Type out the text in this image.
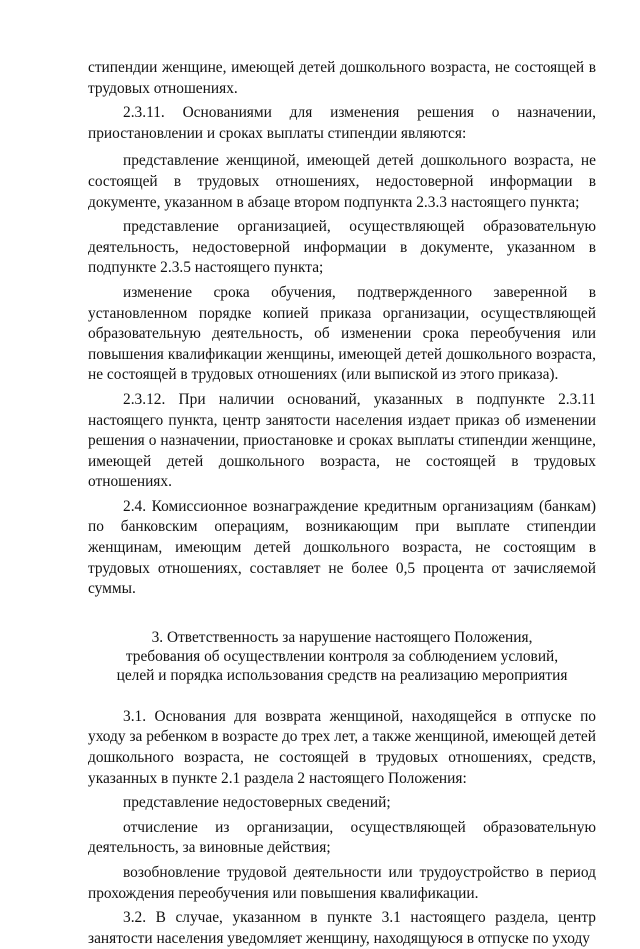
стипендии женщине, имеющей детей дошкольного возраста, не состоящей в трудовых отношениях.

2.3.11. Основаниями для изменения решения о назначении, приостановлении и сроках выплаты стипендии являются:

представление женщиной, имеющей детей дошкольного возраста, не состоящей в трудовых отношениях, недостоверной информации в документе, указанном в абзаце втором подпункта 2.3.3 настоящего пункта;

представление организацией, осуществляющей образовательную деятельность, недостоверной информации в документе, указанном в подпункте 2.3.5 настоящего пункта;

изменение срока обучения, подтвержденного заверенной в установленном порядке копией приказа организации, осуществляющей образовательную деятельность, об изменении срока переобучения или повышения квалификации женщины, имеющей детей дошкольного возраста, не состоящей в трудовых отношениях (или выпиской из этого приказа).

2.3.12. При наличии оснований, указанных в подпункте 2.3.11 настоящего пункта, центр занятости населения издает приказ об изменении решения о назначении, приостановке и сроках выплаты стипендии женщине, имеющей детей дошкольного возраста, не состоящей в трудовых отношениях.

2.4. Комиссионное вознаграждение кредитным организациям (банкам) по банковским операциям, возникающим при выплате стипендии женщинам, имеющим детей дошкольного возраста, не состоящим в трудовых отношениях, составляет не более 0,5 процента от зачисляемой суммы.

3. Ответственность за нарушение настоящего Положения,
требования об осуществлении контроля за соблюдением условий,
целей и порядка использования средств на реализацию мероприятия

3.1. Основания для возврата женщиной, находящейся в отпуске по уходу за ребенком в возрасте до трех лет, а также женщиной, имеющей детей дошкольного возраста, не состоящей в трудовых отношениях, средств, указанных в пункте 2.1 раздела 2 настоящего Положения:

представление недостоверных сведений;

отчисление из организации, осуществляющей образовательную деятельность, за виновные действия;

возобновление трудовой деятельности или трудоустройство в период прохождения переобучения или повышения квалификации.

3.2. В случае, указанном в пункте 3.1 настоящего раздела, центр занятости населения уведомляет женщину, находящуюся в отпуске по уходу
